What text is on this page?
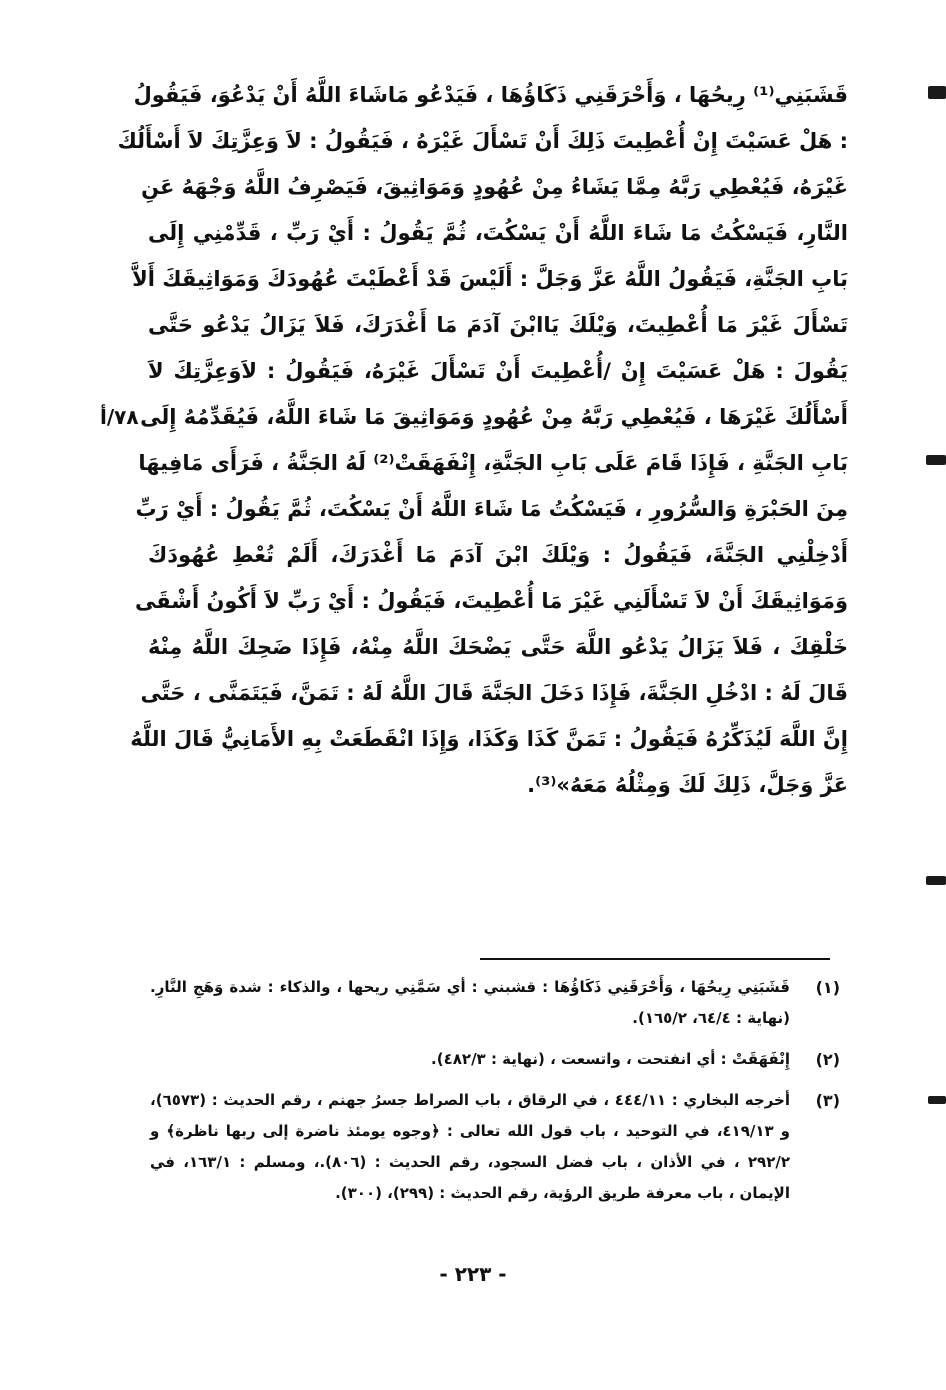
قَشَبَنِي⁽¹⁾ رِيحُهَا ، وَأَحْرَقَنِي ذَكَاؤُهَا ، فَيَدْعُو مَاشَاءَ اللَّهُ أَنْ يَدْعُوَ، فَيَقُولُ
: هَلْ عَسَيْتَ إِنْ أُعْطِيتَ ذَلِكَ أَنْ تَسْأَلَ غَيْرَهُ ، فَيَقُولُ : لاَ وَعِزَّتِكَ لاَ أَسْأَلُكَ
غَيْرَهُ، فَيُعْطِي رَبَّهُ مِمَّا يَشَاءُ مِنْ عُهُودٍ وَمَوَاثِيقَ، فَيَصْرِفُ اللَّهُ وَجْهَهُ عَنِ
النَّارِ، فَيَسْكُتُ مَا شَاءَ اللَّهُ أَنْ يَسْكُتَ، ثُمَّ يَقُولُ : أَيْ رَبِّ ، قَدِّمْنِي إِلَى
بَابِ الجَنَّةِ، فَيَقُولُ اللَّهُ عَزَّ وَجَلَّ : أَلَيْسَ قَدْ أَعْطَيْتَ عُهُودَكَ وَمَوَاثِيقَكَ أَلاَّ
تَسْأَلَ غَيْرَ مَا أُعْطِيتَ، وَيْلَكَ يَاابْنَ آدَمَ مَا أَغْدَرَكَ، فَلاَ يَزَالُ يَدْعُو حَتَّى
يَقُولَ : هَلْ عَسَيْتَ إِنْ /أُعْطِيتَ أَنْ تَسْأَلَ غَيْرَهُ، فَيَقُولُ : لاَوَعِزَّتِكَ لاَ
أَسْأَلُكَ غَيْرَهَا ، فَيُعْطِي رَبَّهُ مِنْ عُهُودٍ وَمَوَاثِيقَ مَا شَاءَ اللَّهُ، فَيُقَدِّمُهُ إِلَى
بَابِ الجَنَّةِ ، فَإِذَا قَامَ عَلَى بَابِ الجَنَّةِ، إِنْفَهَقَتْ⁽²⁾ لَهُ الجَنَّةُ ، فَرَأَى مَافِيهَا
مِنَ الحَبْرَةِ وَالسُّرُورِ ، فَيَسْكُتُ مَا شَاءَ اللَّهُ أَنْ يَسْكُتَ، ثُمَّ يَقُولُ : أَيْ رَبِّ
أَدْخِلْنِي الجَنَّةَ، فَيَقُولُ : وَيْلَكَ ابْنَ آدَمَ مَا أَغْدَرَكَ، أَلَمْ تُعْطِ عُهُودَكَ
وَمَوَاثِيقَكَ أَنْ لاَ تَسْأَلَنِي غَيْرَ مَا أُعْطِيتَ، فَيَقُولُ : أَيْ رَبِّ لاَ أَكُونُ أَشْقَى
خَلْقِكَ ، فَلاَ يَزَالُ يَدْعُو اللَّهَ حَتَّى يَضْحَكَ اللَّهُ مِنْهُ، فَإِذَا ضَحِكَ اللَّهُ مِنْهُ
قَالَ لَهُ : ادْخُلِ الجَنَّةَ، فَإِذَا دَخَلَ الجَنَّةَ قَالَ اللَّهُ لَهُ : تَمَنَّ، فَيَتَمَنَّى ، حَتَّى
إِنَّ اللَّهَ لَيُذَكِّرُهُ فَيَقُولُ : تَمَنَّ كَذَا وَكَذَا، وَإِذَا انْقَطَعَتْ بِهِ الأَمَانِيُّ قَالَ اللَّهُ
عَزَّ وَجَلَّ، ذَلِكَ لَكَ وَمِثْلُهُ مَعَهُ»⁽³⁾.
٧٨/أ
(١)
قَشَبَنِي رِيحُهَا ، وَأَحْرَقَنِي ذَكَاؤُهَا : قشبني : أي سَمَّنِي ريحها ، والذكاء : شدة وَهَجِ النَّارِ. (نهاية : ٦٤/٤، ١٦٥/٢).
(٢)
إِنْفَهَقَتْ : أي انفتحت ، واتسعت ، (نهاية : ٤٨٢/٣).
(٣)
أخرجه البخاري : ٤٤٤/١١ ، في الرقاق ، باب الصراط جسرُ جهنم ، رقم الحديث : (٦٥٧٣)، و ٤١٩/١٣، في التوحيد ، باب قول الله تعالى : ﴿وجوه يومئذ ناضرة إلى ربها ناظرة﴾ و ٢٩٢/٢ ، في الأذان ، باب فضل السجود، رقم الحديث : (٨٠٦).، ومسلم : ١٦٣/١، في الإيمان ، باب معرفة طريق الرؤية، رقم الحديث : (٢٩٩)، (٣٠٠).
- ٢٢٣ -
